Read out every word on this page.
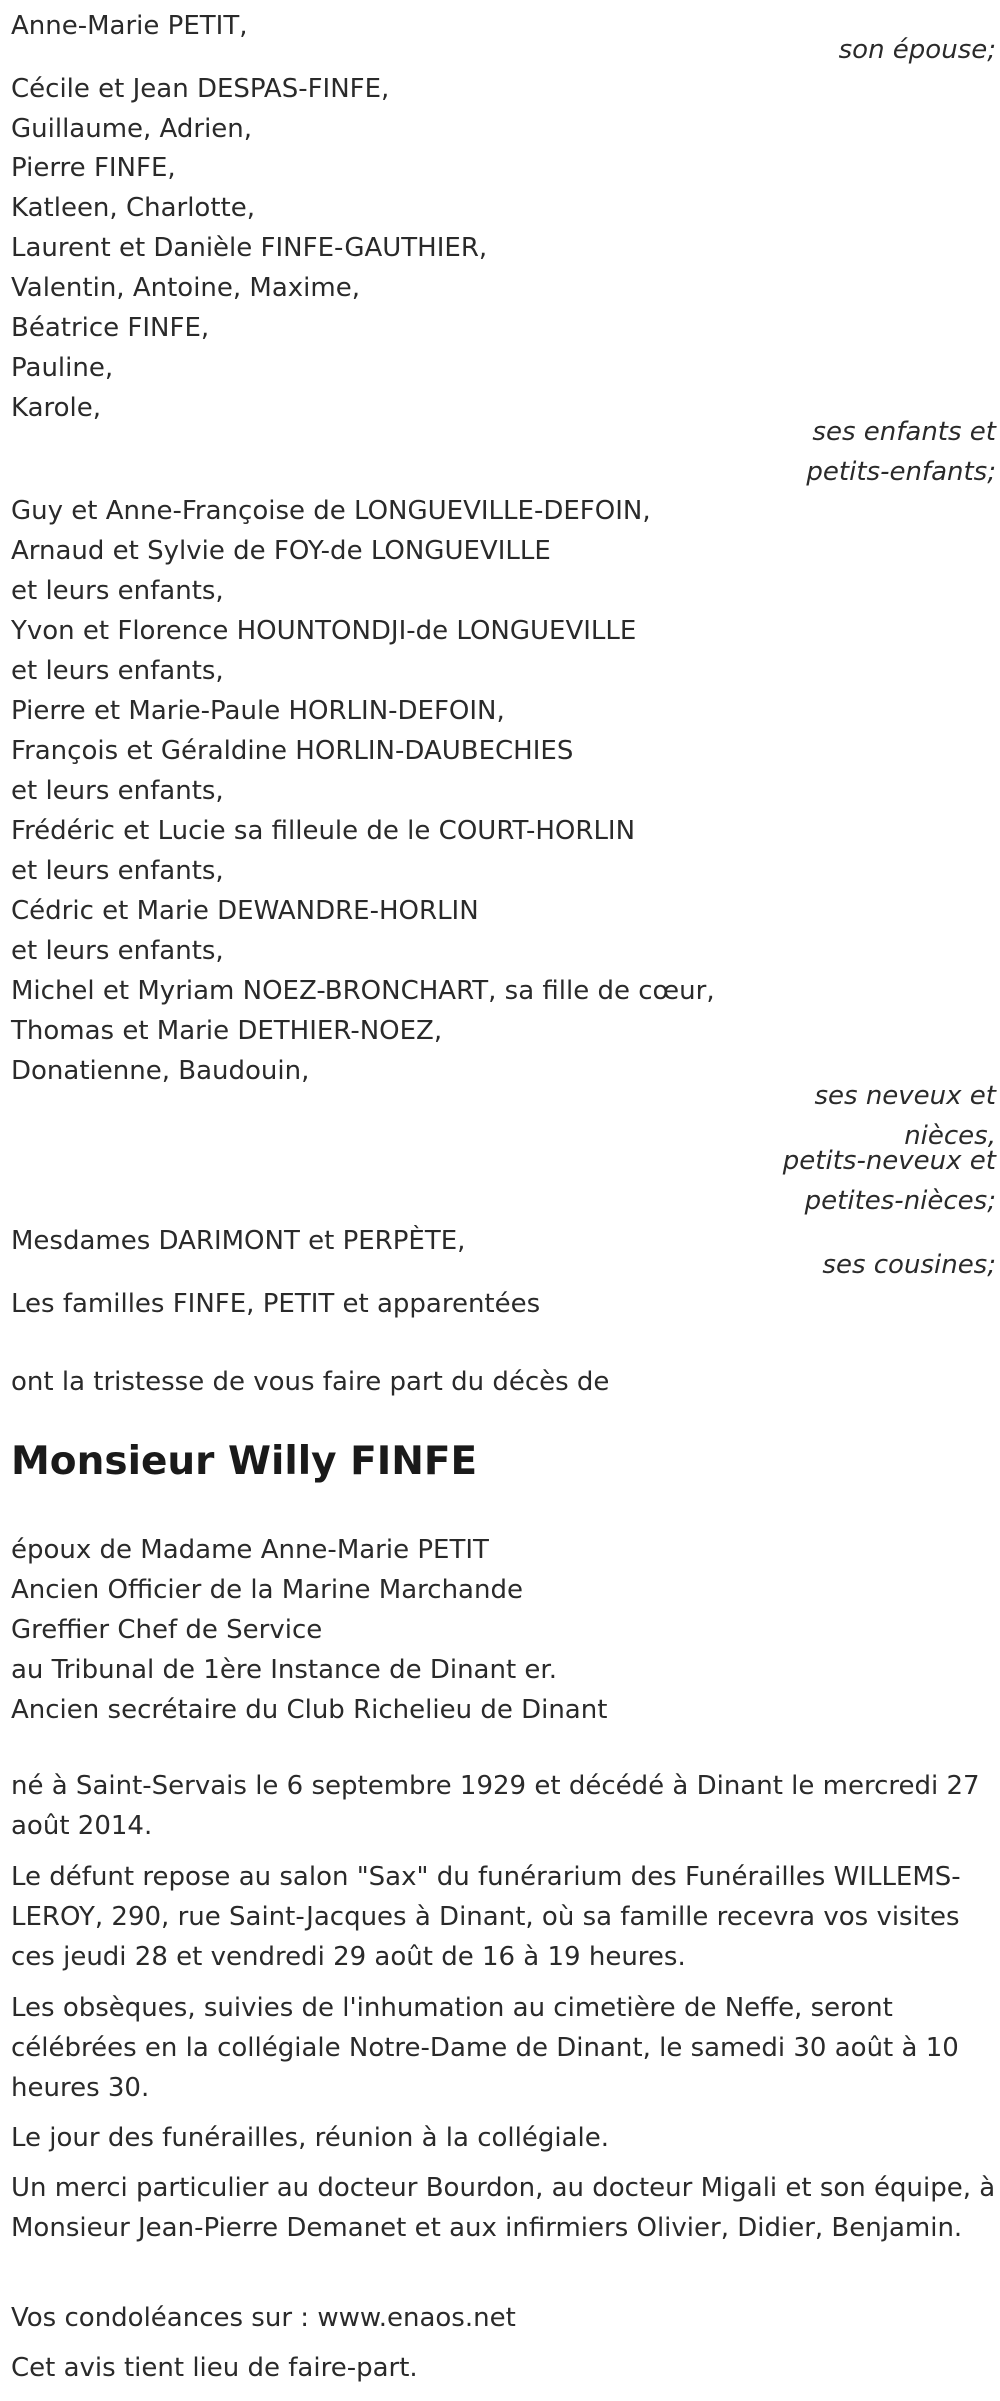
Anne-Marie PETIT,
son épouse;
Cécile et Jean DESPAS-FINFE,
Guillaume, Adrien,
Pierre FINFE,
Katleen, Charlotte,
Laurent et Danièle FINFE-GAUTHIER,
Valentin, Antoine, Maxime,
Béatrice FINFE,
Pauline,
Karole,
ses enfants et
petits-enfants;
Guy et Anne-Françoise de LONGUEVILLE-DEFOIN,
Arnaud et Sylvie de FOY-de LONGUEVILLE
et leurs enfants,
Yvon et Florence HOUNTONDJI-de LONGUEVILLE
et leurs enfants,
Pierre et Marie-Paule HORLIN-DEFOIN,
François et Géraldine HORLIN-DAUBECHIES
et leurs enfants,
Frédéric et Lucie sa filleule de le COURT-HORLIN
et leurs enfants,
Cédric et Marie DEWANDRE-HORLIN
et leurs enfants,
Michel et Myriam NOEZ-BRONCHART, sa fille de cœur,
Thomas et Marie DETHIER-NOEZ,
Donatienne, Baudouin,
ses neveux et
nièces,
petits-neveux et
petites-nièces;
Mesdames DARIMONT et PERPÈTE,
ses cousines;
Les familles FINFE, PETIT et apparentées
ont la tristesse de vous faire part du décès de
Monsieur Willy FINFE
époux de Madame Anne-Marie PETIT
Ancien Officier de la Marine Marchande
Greffier Chef de Service
au Tribunal de 1ère Instance de Dinant er.
Ancien secrétaire du Club Richelieu de Dinant
né à Saint-Servais le 6 septembre 1929 et décédé à Dinant le mercredi 27 août 2014.
Le défunt repose au salon "Sax" du funérarium des Funérailles WILLEMS-LEROY, 290, rue Saint-Jacques à Dinant, où sa famille recevra vos visites ces jeudi 28 et vendredi 29 août de 16 à 19 heures.
Les obsèques, suivies de l'inhumation au cimetière de Neffe, seront célébrées en la collégiale Notre-Dame de Dinant, le samedi 30 août à 10 heures 30.
Le jour des funérailles, réunion à la collégiale.
Un merci particulier au docteur Bourdon, au docteur Migali et son équipe, à Monsieur Jean-Pierre Demanet et aux infirmiers Olivier, Didier, Benjamin.
Vos condoléances sur : www.enaos.net
Cet avis tient lieu de faire-part.
